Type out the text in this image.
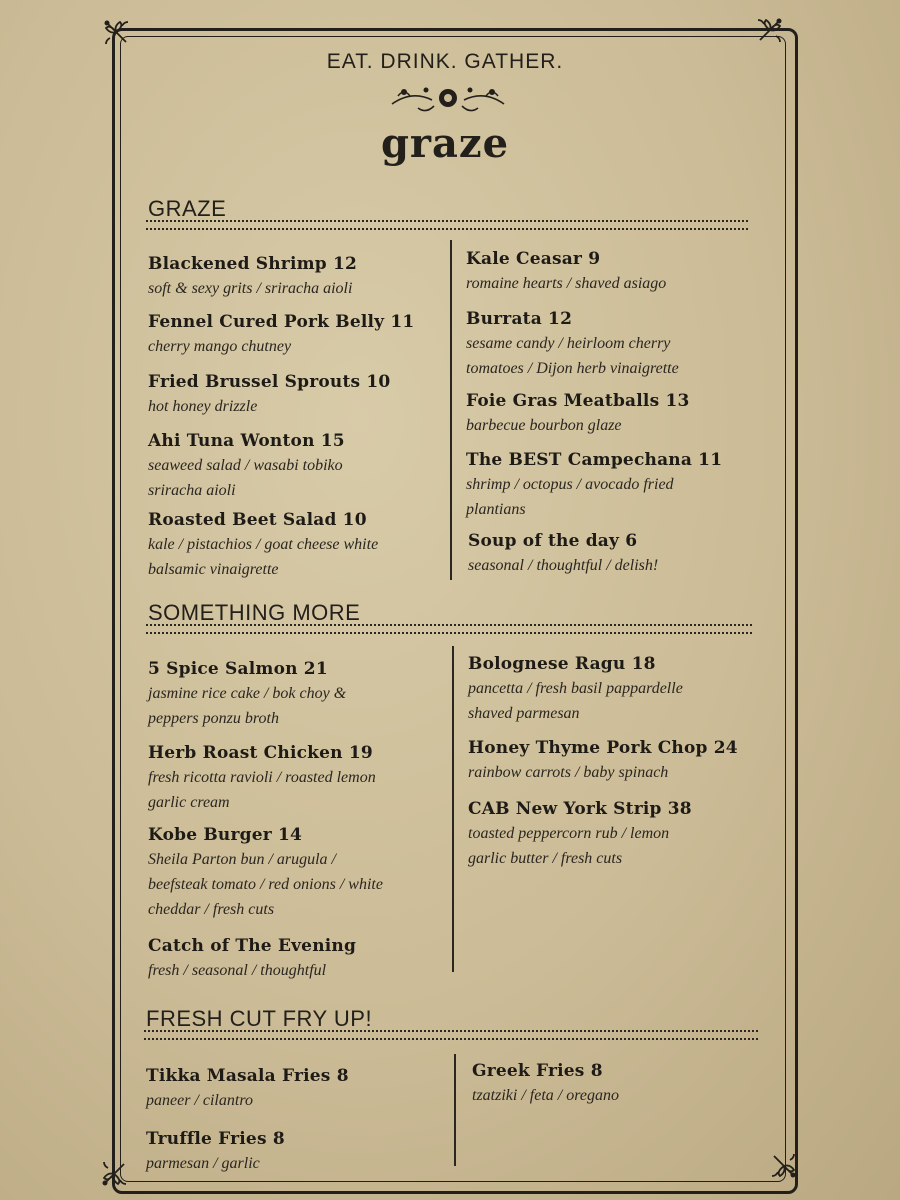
EAT. DRINK. GATHER.
graze
GRAZE
Blackened Shrimp 12
soft & sexy grits / sriracha aioli
Fennel Cured Pork Belly 11
cherry mango chutney
Fried Brussel Sprouts 10
hot honey drizzle
Ahi Tuna Wonton 15
seaweed salad / wasabi tobiko sriracha aioli
Roasted Beet Salad 10
kale / pistachios / goat cheese white balsamic vinaigrette
Kale Ceasar 9
romaine hearts / shaved asiago
Burrata 12
sesame candy / heirloom cherry tomatoes / Dijon herb vinaigrette
Foie Gras Meatballs 13
barbecue bourbon glaze
The BEST Campechana 11
shrimp / octopus / avocado fried plantians
Soup of the day 6
seasonal / thoughtful / delish!
SOMETHING MORE
5 Spice Salmon 21
jasmine rice cake / bok choy & peppers ponzu broth
Herb Roast Chicken 19
fresh ricotta ravioli / roasted lemon garlic cream
Kobe Burger 14
Sheila Parton bun / arugula / beefsteak tomato / red onions / white cheddar / fresh cuts
Catch of The Evening
fresh / seasonal / thoughtful
Bolognese Ragu 18
pancetta / fresh basil pappardelle shaved parmesan
Honey Thyme Pork Chop 24
rainbow carrots / baby spinach
CAB New York Strip 38
toasted peppercorn rub / lemon garlic butter / fresh cuts
FRESH CUT FRY UP!
Tikka Masala Fries 8
paneer / cilantro
Truffle Fries 8
parmesan / garlic
Greek Fries 8
tzatziki / feta / oregano
